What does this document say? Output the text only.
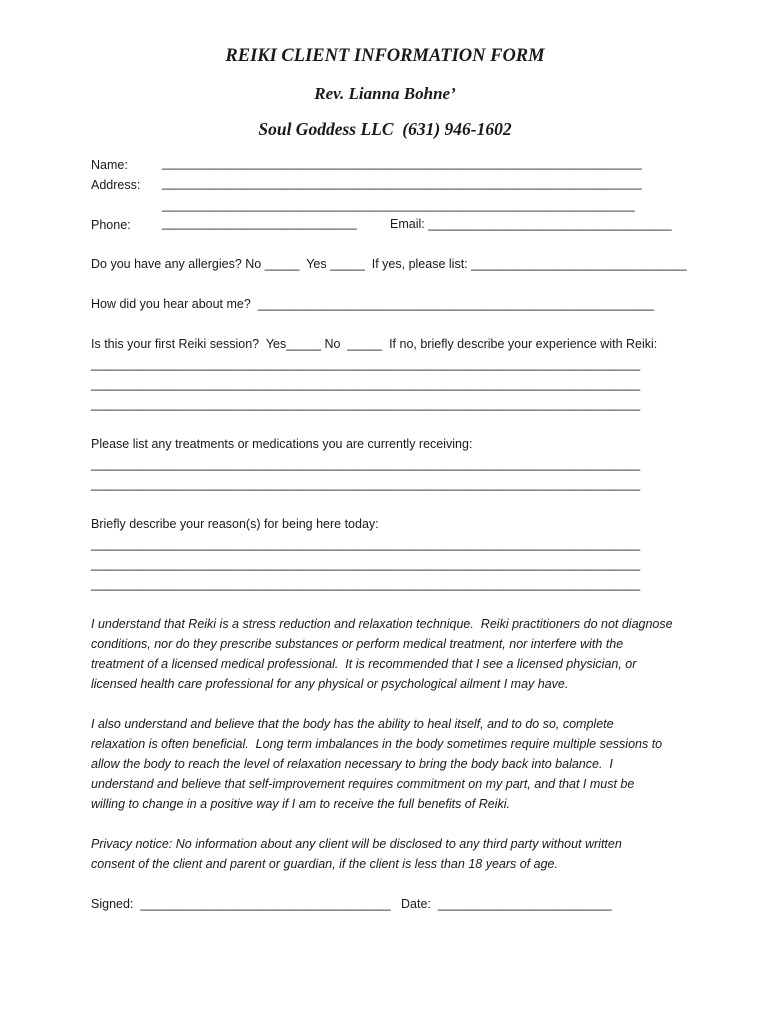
REIKI CLIENT INFORMATION FORM
Rev. Lianna Bohne’
Soul Goddess LLC  (631) 946-1602
Name:	_____________________________________________________________________
Address: _____________________________________________________________________
____________________________________________________________________
Phone:	____________________________	Email: ___________________________________
Do you have any allergies? No _____  Yes _____  If yes, please list: _______________________________
How did you hear about me?  _________________________________________________________
Is this your first Reiki session?  Yes_____ No  _____  If no, briefly describe your experience with Reiki:
_______________________________________________________________________________
_______________________________________________________________________________
_______________________________________________________________________________
Please list any treatments or medications you are currently receiving:
_______________________________________________________________________________
_______________________________________________________________________________
Briefly describe your reason(s) for being here today:
_______________________________________________________________________________
_______________________________________________________________________________
_______________________________________________________________________________
I understand that Reiki is a stress reduction and relaxation technique.  Reiki practitioners do not diagnose
conditions, nor do they prescribe substances or perform medical treatment, nor interfere with the
treatment of a licensed medical professional.  It is recommended that I see a licensed physician, or
licensed health care professional for any physical or psychological ailment I may have.
I also understand and believe that the body has the ability to heal itself, and to do so, complete
relaxation is often beneficial.  Long term imbalances in the body sometimes require multiple sessions to
allow the body to reach the level of relaxation necessary to bring the body back into balance.  I
understand and believe that self-improvement requires commitment on my part, and that I must be
willing to change in a positive way if I am to receive the full benefits of Reiki.
Privacy notice: No information about any client will be disclosed to any third party without written
consent of the client and parent or guardian, if the client is less than 18 years of age.
Signed:  ____________________________________   Date:  _________________________
